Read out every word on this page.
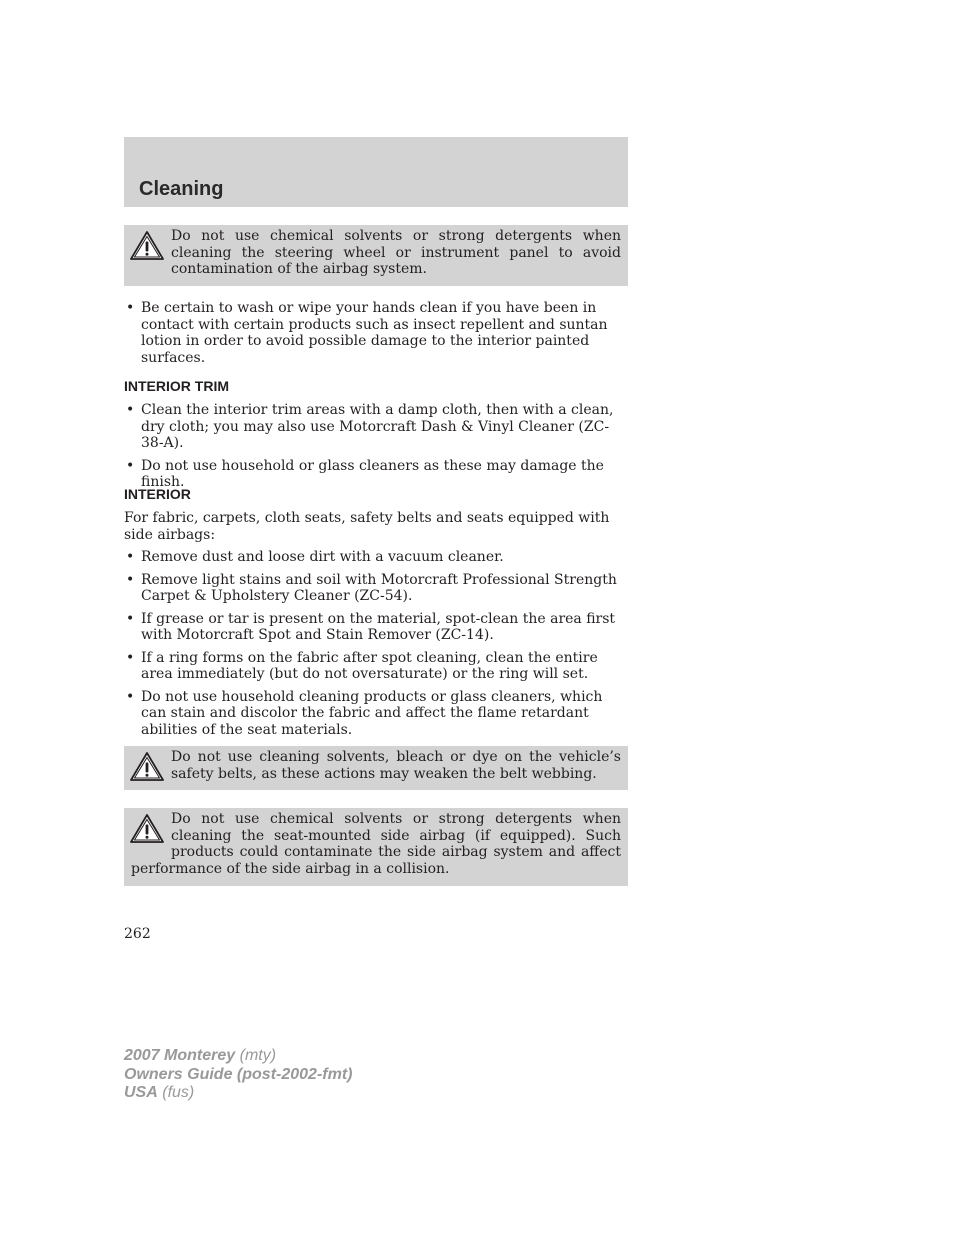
Cleaning

Do not use chemical solvents or strong detergents when cleaning the steering wheel or instrument panel to avoid contamination of the airbag system.

• Be certain to wash or wipe your hands clean if you have been in contact with certain products such as insect repellent and suntan lotion in order to avoid possible damage to the interior painted surfaces.
INTERIOR TRIM
• Clean the interior trim areas with a damp cloth, then with a clean, dry cloth; you may also use Motorcraft Dash & Vinyl Cleaner (ZC-38-A).
• Do not use household or glass cleaners as these may damage the finish.
INTERIOR
For fabric, carpets, cloth seats, safety belts and seats equipped with side airbags:
• Remove dust and loose dirt with a vacuum cleaner.
• Remove light stains and soil with Motorcraft Professional Strength Carpet & Upholstery Cleaner (ZC-54).
• If grease or tar is present on the material, spot-clean the area first with Motorcraft Spot and Stain Remover (ZC-14).
• If a ring forms on the fabric after spot cleaning, clean the entire area immediately (but do not oversaturate) or the ring will set.
• Do not use household cleaning products or glass cleaners, which can stain and discolor the fabric and affect the flame retardant abilities of the seat materials.

Do not use cleaning solvents, bleach or dye on the vehicle’s safety belts, as these actions may weaken the belt webbing.

Do not use chemical solvents or strong detergents when cleaning the seat-mounted side airbag (if equipped). Such products could contaminate the side airbag system and affect performance of the side airbag in a collision.

262
2007 Monterey (mty)
Owners Guide (post-2002-fmt)
USA (fus)
